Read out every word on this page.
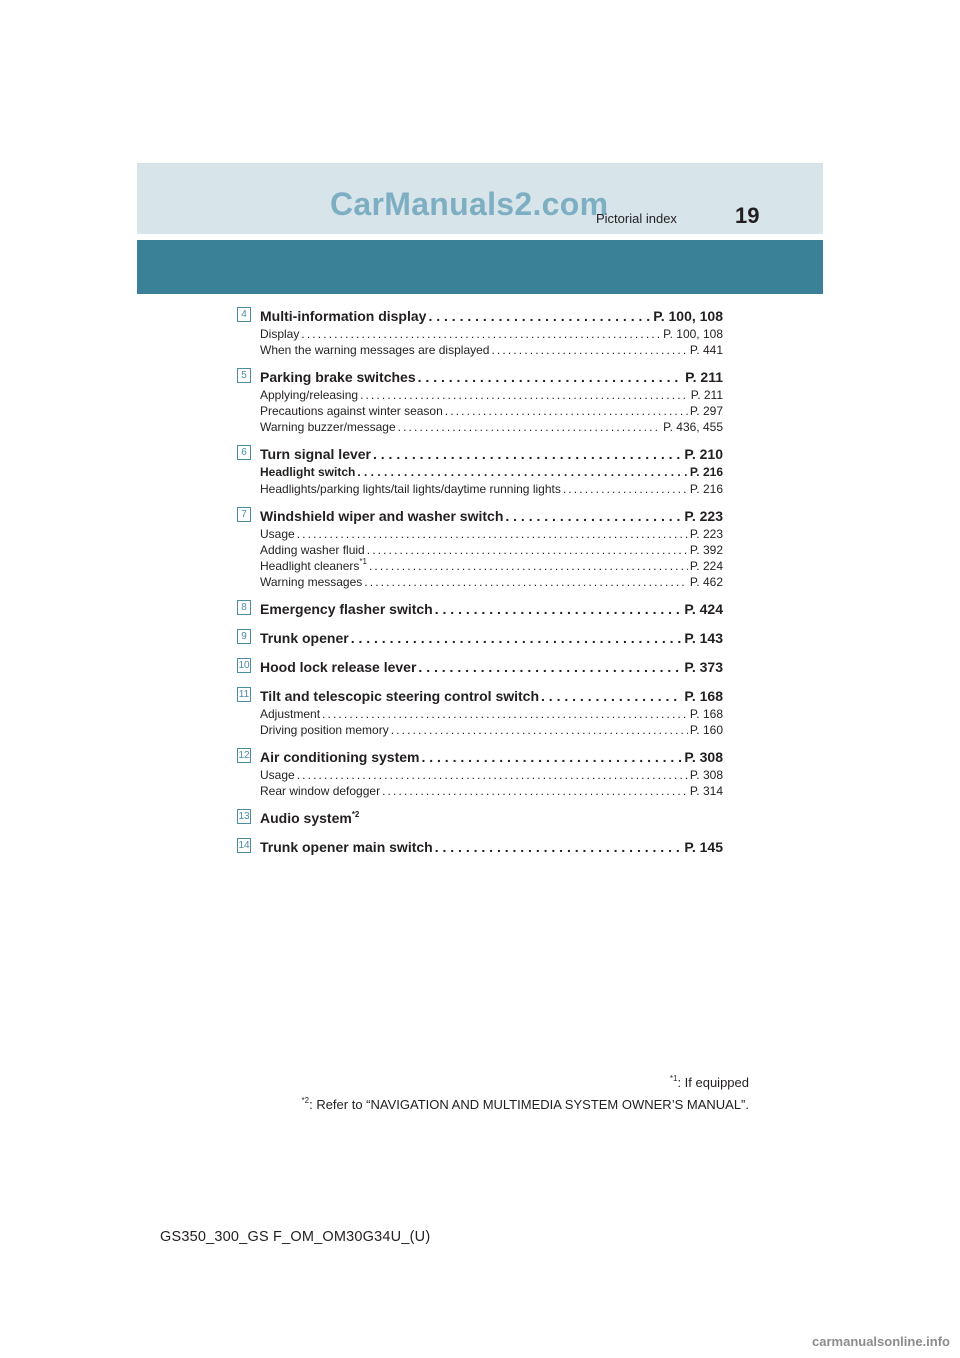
CarManuals2.com
Pictorial index	19
4 Multi-information display . . .	P. 100, 108
Display . . .	P. 100, 108
When the warning messages are displayed . . .	P. 441
5 Parking brake switches . . .	P. 211
Applying/releasing . . .	P. 211
Precautions against winter season . . .	P. 297
Warning buzzer/message . . .	P. 436, 455
6 Turn signal lever . . .	P. 210
Headlight switch . . .	P. 216
Headlights/parking lights/tail lights/daytime running lights . . .	P. 216
7 Windshield wiper and washer switch . . .	P. 223
Usage . . .	P. 223
Adding washer fluid . . .	P. 392
Headlight cleaners$^{*1}$ . . .	P. 224
Warning messages . . .	P. 462
8 Emergency flasher switch . . .	P. 424
9 Trunk opener . . .	P. 143
10 Hood lock release lever . . .	P. 373
11 Tilt and telescopic steering control switch . . .	P. 168
Adjustment . . .	P. 168
Driving position memory . . .	P. 160
12 Air conditioning system . . .	P. 308
Usage . . .	P. 308
Rear window defogger . . .	P. 314
13 Audio system$^{*2}$
14 Trunk opener main switch . . .	P. 145
$^{*1}$: If equipped
$^{*2}$: Refer to “NAVIGATION AND MULTIMEDIA SYSTEM OWNER’S MANUAL”.
GS350_300_GS F_OM_OM30G34U_(U)
carmanualsonline.info
